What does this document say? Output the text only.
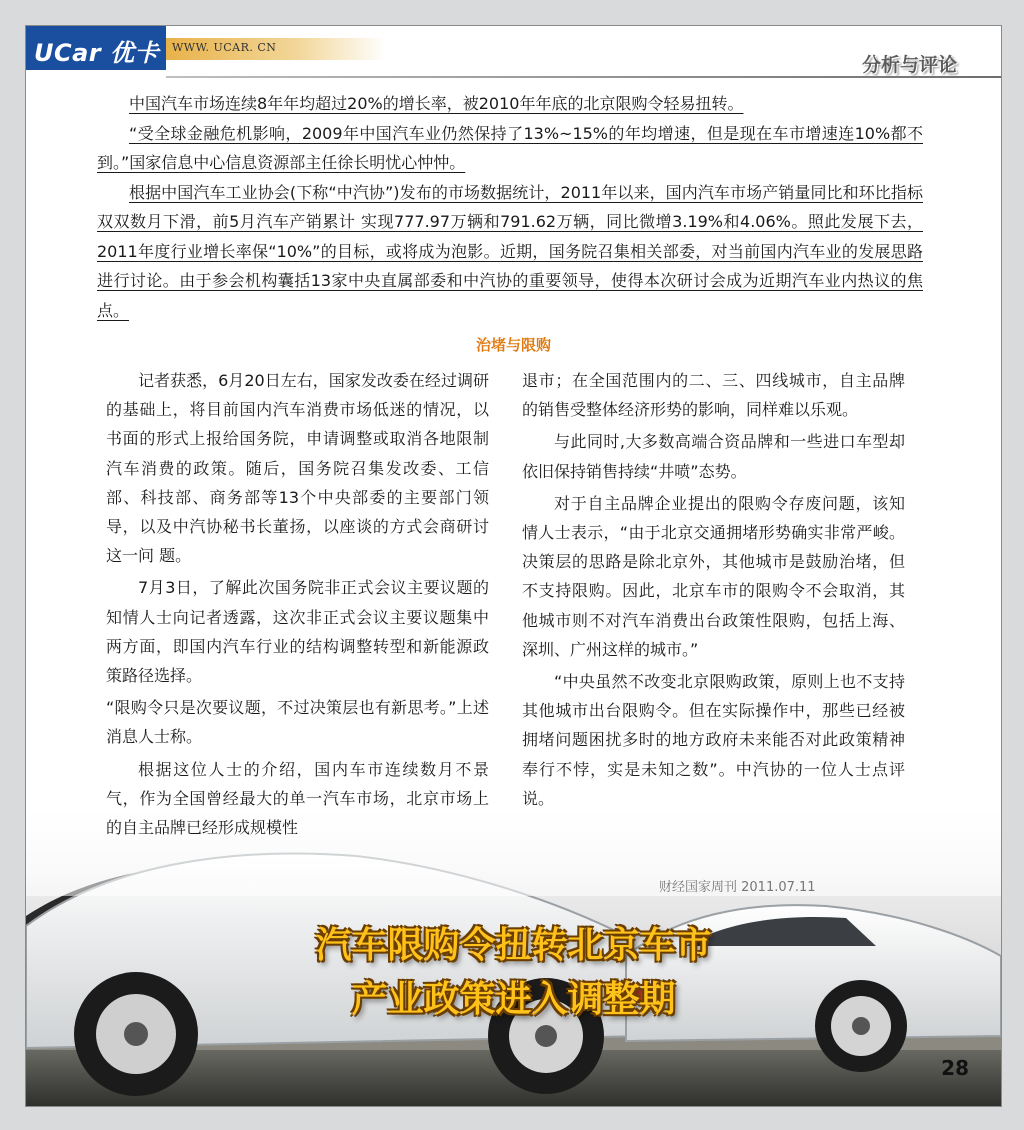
UCar 优卡 WWW. UCAR. CN
分析与评论

中国汽车市场连续8年年均超过20%的增长率，被2010年年底的北京限购令轻易扭转。

“受全球金融危机影响，2009年中国汽车业仍然保持了13%~15%的年均增速，但是现在车市增速连10%都不到。”国家信息中心信息资源部主任徐长明忧心忡忡。

根据中国汽车工业协会(下称“中汽协”)发布的市场数据统计，2011年以来，国内汽车市场产销量同比和环比指标双双数月下滑，前5月汽车产销累计 实现777.97万辆和791.62万辆，同比微增3.19%和4.06%。照此发展下去，2011年度行业增长率保“10%”的目标，或将成为泡影。近期，国务院召集相关部委，对当前国内汽车业的发展思路进行讨论。由于参会机构囊括13家中央直属部委和中汽协的重要领导，使得本次研讨会成为近期汽车业内热议的焦点。

治堵与限购

记者获悉，6月20日左右，国家发改委在经过调研的基础上，将目前国内汽车消费市场低迷的情况，以书面的形式上报给国务院，申请调整或取消各地限制 汽车消费的政策。随后，国务院召集发改委、工信部、科技部、商务部等13个中央部委的主要部门领导，以及中汽协秘书长董扬，以座谈的方式会商研讨这一问 题。

7月3日，了解此次国务院非正式会议主要议题的知情人士向记者透露，这次非正式会议主要议题集中两方面，即国内汽车行业的结构调整转型和新能源政策路径选择。

“限购令只是次要议题，不过决策层也有新思考。”上述消息人士称。

根据这位人士的介绍，国内车市连续数月不景气，作为全国曾经最大的单一汽车市场，北京市场上的自主品牌已经形成规模性

退市；在全国范围内的二、三、四线城市，自主品牌的销售受整体经济形势的影响，同样难以乐观。

与此同时,大多数高端合资品牌和一些进口车型却依旧保持销售持续“井喷”态势。

对于自主品牌企业提出的限购令存废问题，该知情人士表示，“由于北京交通拥堵形势确实非常严峻。决策层的思路是除北京外，其他城市是鼓励治堵，但不支持限购。因此，北京车市的限购令不会取消，其他城市则不对汽车消费出台政策性限购，包括上海、深圳、广州这样的城市。”

“中央虽然不改变北京限购政策，原则上也不支持其他城市出台限购令。但在实际操作中，那些已经被拥堵问题困扰多时的地方政府未来能否对此政策精神奉行不悖，实是未知之数”。中汽协的一位人士点评说。

财经国家周刊 2011.07.11
汽车限购令扭转北京车市
产业政策进入调整期
28
